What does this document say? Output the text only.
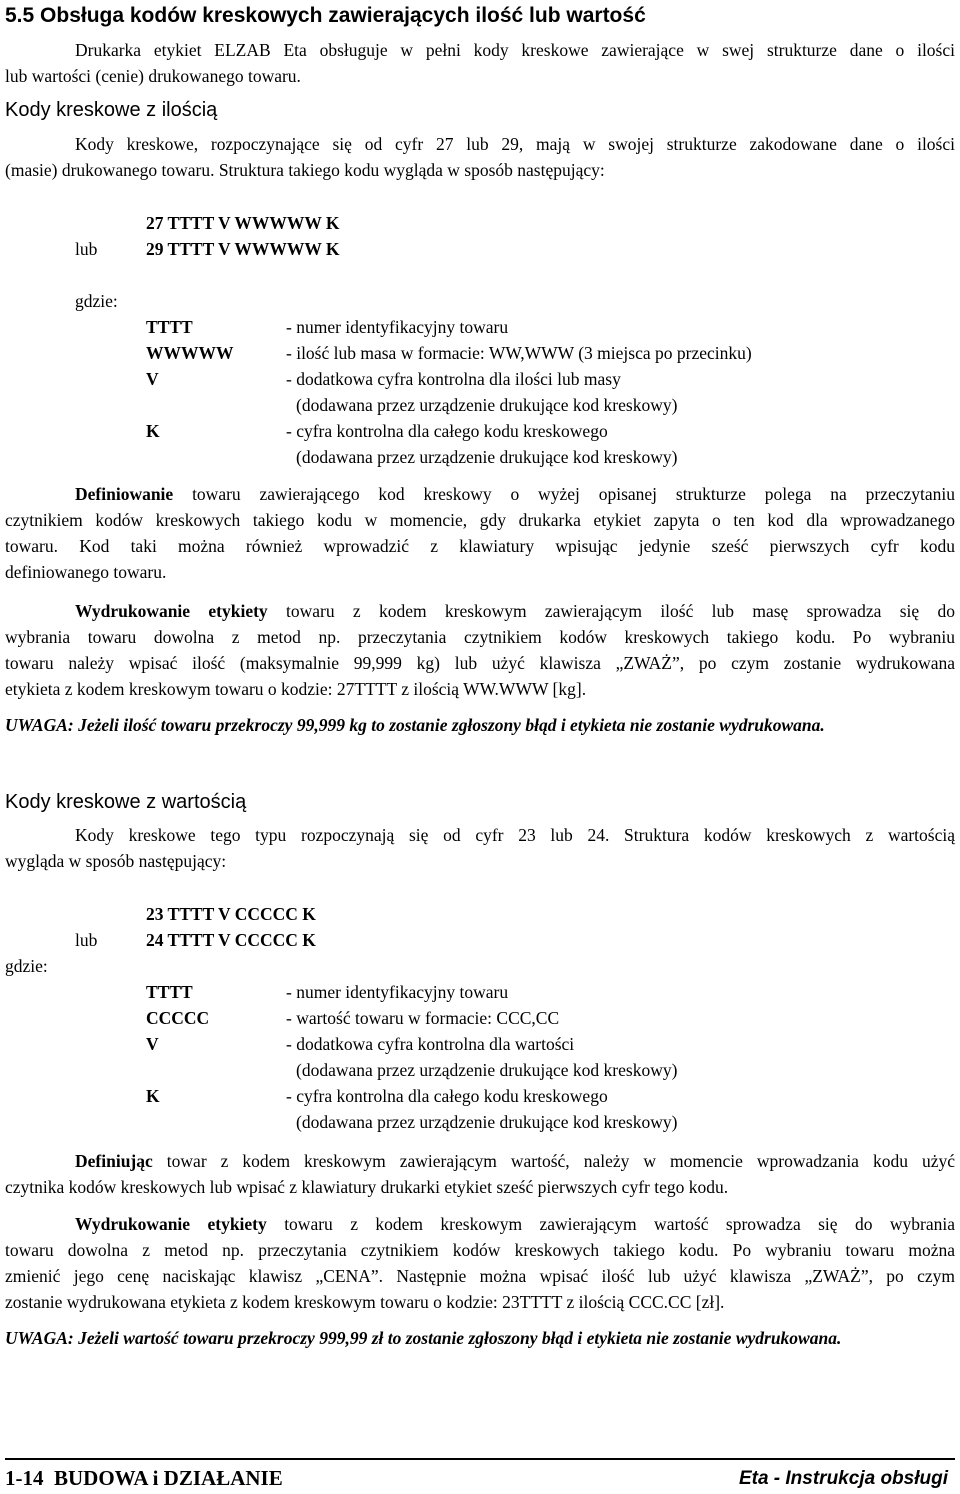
5.5 Obsługa kodów kreskowych zawierających ilość lub wartość
Drukarka etykiet ELZAB Eta obsługuje w pełni kody kreskowe zawierające w swej strukturze dane o ilości
lub wartości (cenie) drukowanego towaru.
Kody kreskowe z ilością
Kody kreskowe, rozpoczynające się od cyfr 27 lub 29, mają w swojej strukturze zakodowane dane o ilości
(masie) drukowanego towaru. Struktura takiego kodu wygląda w sposób następujący:
27 TTTT V WWWWW K
lub	29 TTTT V WWWWW K
gdzie:
TTTT	- numer identyfikacyjny towaru
WWWWW	- ilość lub masa w formacie: WW,WWW (3 miejsca po przecinku)
V	- dodatkowa cyfra kontrolna dla ilości lub masy
(dodawana przez urządzenie drukujące kod kreskowy)
K	- cyfra kontrolna dla całego kodu kreskowego
(dodawana przez urządzenie drukujące kod kreskowy)
Definiowanie towaru zawierającego kod kreskowy o wyżej opisanej strukturze polega na przeczytaniu
czytnikiem kodów kreskowych takiego kodu w momencie, gdy drukarka etykiet zapyta o ten kod dla wprowadzanego
towaru. Kod taki można również wprowadzić z klawiatury wpisując jedynie sześć pierwszych cyfr kodu
definiowanego towaru.
Wydrukowanie etykiety towaru z kodem kreskowym zawierającym ilość lub masę sprowadza się do
wybrania towaru dowolna z metod np. przeczytania czytnikiem kodów kreskowych takiego kodu. Po wybraniu
towaru należy wpisać ilość (maksymalnie 99,999 kg) lub użyć klawisza „ZWAŻ”, po czym zostanie wydrukowana
etykieta z kodem kreskowym towaru o kodzie: 27TTTT z ilością WW.WWW [kg].
UWAGA: Jeżeli ilość towaru przekroczy 99,999 kg to zostanie zgłoszony błąd i etykieta nie zostanie wydrukowana.
Kody kreskowe z wartością
Kody kreskowe tego typu rozpoczynają się od cyfr 23 lub 24. Struktura kodów kreskowych z wartością
wygląda w sposób następujący:
23 TTTT V CCCCC K
lub	24 TTTT V CCCCC K
gdzie:
TTTT	- numer identyfikacyjny towaru
CCCCC	- wartość towaru w formacie: CCC,CC
V	- dodatkowa cyfra kontrolna dla wartości
(dodawana przez urządzenie drukujące kod kreskowy)
K	- cyfra kontrolna dla całego kodu kreskowego
(dodawana przez urządzenie drukujące kod kreskowy)
Definiując towar z kodem kreskowym zawierającym wartość, należy w momencie wprowadzania kodu użyć
czytnika kodów kreskowych lub wpisać z klawiatury drukarki etykiet sześć pierwszych cyfr tego kodu.
Wydrukowanie etykiety towaru z kodem kreskowym zawierającym wartość sprowadza się do wybrania
towaru dowolna z metod np. przeczytania czytnikiem kodów kreskowych takiego kodu. Po wybraniu towaru można
zmienić jego cenę naciskając klawisz „CENA”. Następnie można wpisać ilość lub użyć klawisza „ZWAŻ”, po czym
zostanie wydrukowana etykieta z kodem kreskowym towaru o kodzie: 23TTTT z ilością CCC.CC [zł].
UWAGA: Jeżeli wartość towaru przekroczy 999,99 zł to zostanie zgłoszony błąd i etykieta nie zostanie wydrukowana.
1-14  BUDOWA i DZIAŁANIE	Eta - Instrukcja obsługi
